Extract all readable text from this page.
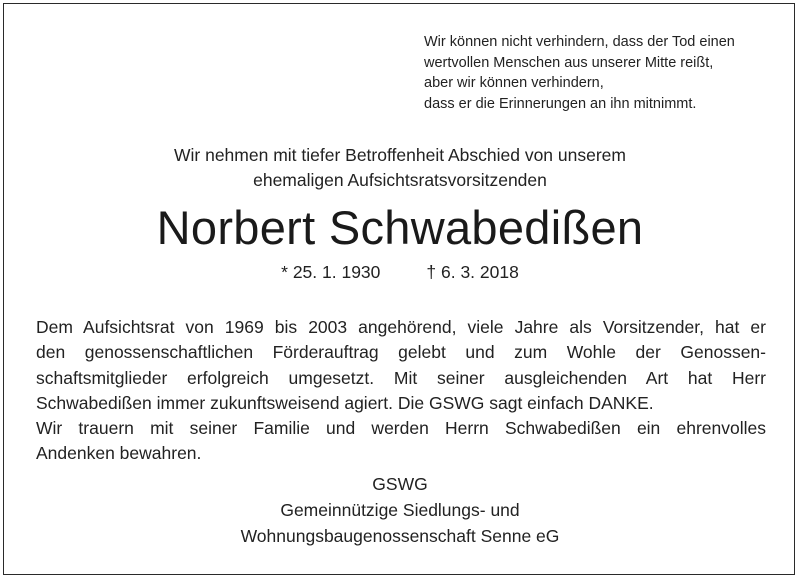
Wir können nicht verhindern, dass der Tod einen
wertvollen Menschen aus unserer Mitte reißt,
aber wir können verhindern,
dass er die Erinnerungen an ihn mitnimmt.
Wir nehmen mit tiefer Betroffenheit Abschied von unserem
ehemaligen Aufsichtsratsvorsitzenden
Norbert Schwabedißen
* 25. 1. 1930	† 6. 3. 2018
Dem Aufsichtsrat von 1969 bis 2003 angehörend, viele Jahre als Vorsitzender, hat er
den genossenschaftlichen Förderauftrag gelebt und zum Wohle der Genossen-
schaftsmitglieder erfolgreich umgesetzt. Mit seiner ausgleichenden Art hat Herr
Schwabedißen immer zukunftsweisend agiert. Die GSWG sagt einfach DANKE.
Wir trauern mit seiner Familie und werden Herrn Schwabedißen ein ehrenvolles
Andenken bewahren.
GSWG
Gemeinnützige Siedlungs- und
Wohnungsbaugenossenschaft Senne eG
